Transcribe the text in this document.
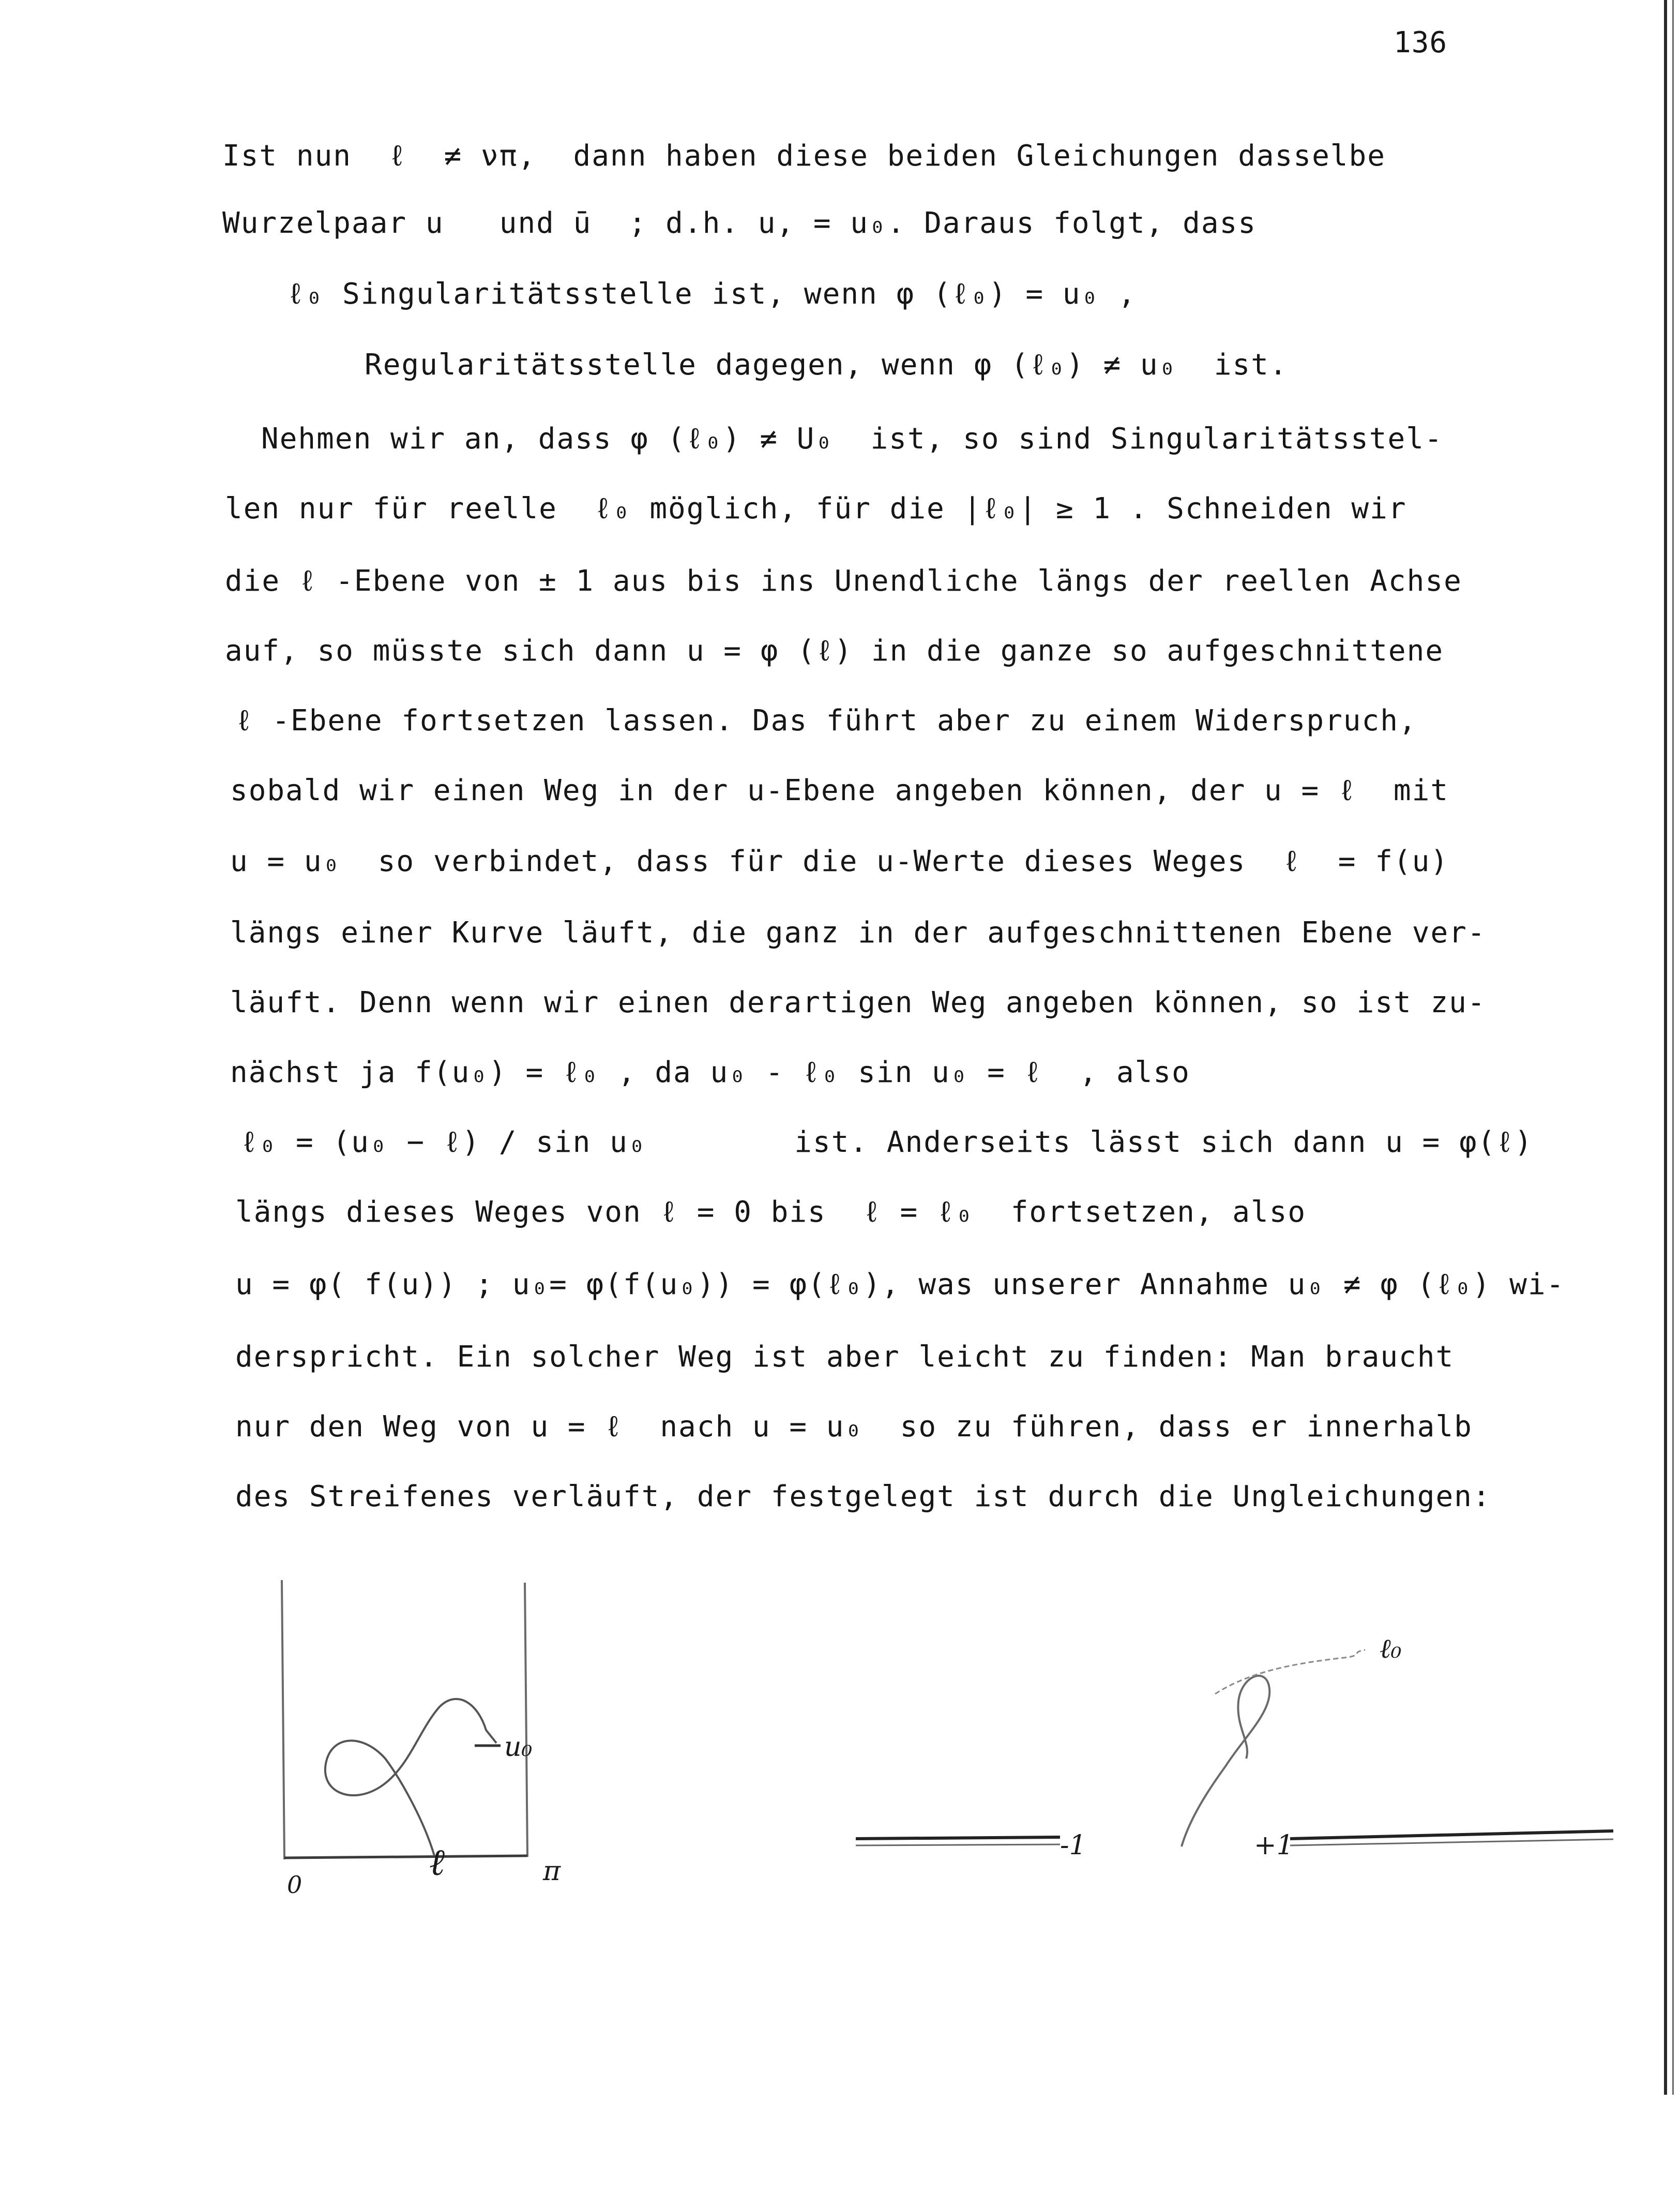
136
Ist nun  ℓ  ≠ νπ,  dann haben diese beiden Gleichungen dasselbe
Wurzelpaar u   und ū  ; d.h. u, = u₀. Daraus folgt, dass
ℓ₀ Singularitätsstelle ist, wenn φ (ℓ₀) = u₀ ,
Regularitätsstelle dagegen, wenn φ (ℓ₀) ≠ u₀  ist.
Nehmen wir an, dass φ (ℓ₀) ≠ U₀  ist, so sind Singularitätsstel-
len nur für reelle  ℓ₀ möglich, für die |ℓ₀| ≥ 1 . Schneiden wir
die ℓ -Ebene von ± 1 aus bis ins Unendliche längs der reellen Achse
auf, so müsste sich dann u = φ (ℓ) in die ganze so aufgeschnittene
ℓ -Ebene fortsetzen lassen. Das führt aber zu einem Widerspruch,
sobald wir einen Weg in der u-Ebene angeben können, der u = ℓ  mit
u = u₀  so verbindet, dass für die u-Werte dieses Weges  ℓ  = f(u)
längs einer Kurve läuft, die ganz in der aufgeschnittenen Ebene ver-
läuft. Denn wenn wir einen derartigen Weg angeben können, so ist zu-
nächst ja f(u₀) = ℓ₀ , da u₀ - ℓ₀ sin u₀ = ℓ  , also
ℓ₀ = (u₀ − ℓ) / sin u₀        ist. Anderseits lässt sich dann u = φ(ℓ)
längs dieses Weges von ℓ = 0 bis  ℓ = ℓ₀  fortsetzen, also
u = φ( f(u)) ; u₀= φ(f(u₀)) = φ(ℓ₀), was unserer Annahme u₀ ≠ φ (ℓ₀) wi-
derspricht. Ein solcher Weg ist aber leicht zu finden: Man braucht
nur den Weg von u = ℓ  nach u = u₀  so zu führen, dass er innerhalb
des Streifenes verläuft, der festgelegt ist durch die Ungleichungen:
u₀
ℓ
0	π
ℓ₀
-1	+1
